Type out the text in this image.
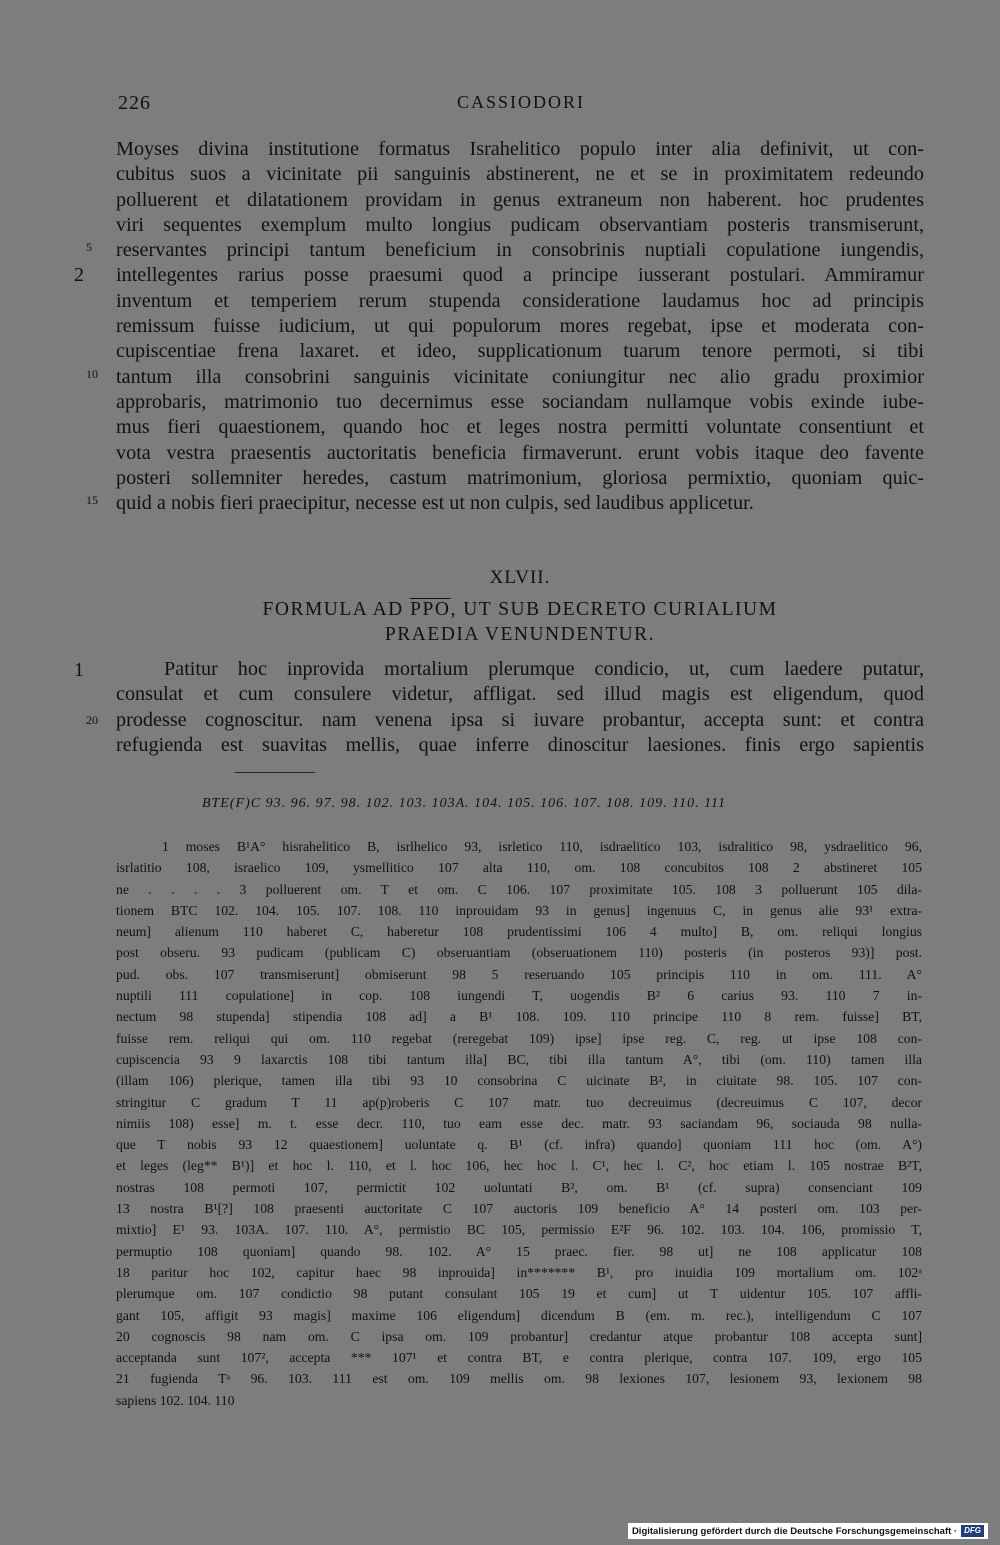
226	CASSIODORI
5
2
10
15
1
20
Moyses divina institutione formatus Israhelitico populo inter alia definivit, ut con-
cubitus suos a vicinitate pii sanguinis abstinerent, ne et se in proximitatem redeundo
polluerent et dilatationem providam in genus extraneum non haberent. hoc prudentes
viri sequentes exemplum multo longius pudicam observantiam posteris transmiserunt,
reservantes principi tantum beneficium in consobrinis nuptiali copulatione iungendis,
intellegentes rarius posse praesumi quod a principe iusserant postulari. Ammiramur
inventum et temperiem rerum stupenda consideratione laudamus hoc ad principis
remissum fuisse iudicium, ut qui populorum mores regebat, ipse et moderata con-
cupiscentiae frena laxaret. et ideo, supplicationum tuarum tenore permoti, si tibi
tantum illa consobrini sanguinis vicinitate coniungitur nec alio gradu proximior
approbaris, matrimonio tuo decernimus esse sociandam nullamque vobis exinde iube-
mus fieri quaestionem, quando hoc et leges nostra permitti voluntate consentiunt et
vota vestra praesentis auctoritatis beneficia firmaverunt. erunt vobis itaque deo favente
posteri sollemniter heredes, castum matrimonium, gloriosa permixtio, quoniam quic-
quid a nobis fieri praecipitur, necesse est ut non culpis, sed laudibus applicetur.
XLVII.
FORMULA AD $\overline{PPO}$, UT SUB DECRETO CURIALIUM
PRAEDIA VENUNDENTUR.
Patitur hoc inprovida mortalium plerumque condicio, ut, cum laedere putatur,
consulat et cum consulere videtur, affligat. sed illud magis est eligendum, quod
prodesse cognoscitur. nam venena ipsa si iuvare probantur, accepta sunt: et contra
refugienda est suavitas mellis, quae inferre dinoscitur laesiones. finis ergo sapientis
BTE(F)C 93. 96. 97. 98. 102. 103. 103A. 104. 105. 106. 107. 108. 109. 110. 111
1 moses B¹A° hisrahelitico B, isrlhelico 93, isrletico 110, isdraelitico 103, isdralitico 98, ysdraelitico 96,
isrlatitio 108, israelico 109, ysmellitico 107 alta 110, om. 108 concubitos 108 2 abstineret 105
ne . . . . 3 polluerent om. T et om. C 106. 107 proximitate 105. 108 3 polluerunt 105 dila-
tionem BTC 102. 104. 105. 107. 108. 110 inprouidam 93 in genus] ingenuus C, in genus alie 93¹ extra-
neum] alienum 110 haberet C, haberetur 108 prudentissimi 106 4 multo] B, om. reliqui longius
post obseru. 93 pudicam (publicam C) obseruantiam (obseruationem 110) posteris (in posteros 93)] post.
pud. obs. 107 transmiserunt] obmiserunt 98 5 reseruando 105 principis 110 in om. 111. A°
nuptili 111 copulatione] in cop. 108 iungendi T, uogendis B² 6 carius 93. 110 7 in-
nectum 98 stupenda] stipendia 108 ad] a B¹ 108. 109. 110 principe 110 8 rem. fuisse] BT,
fuisse rem. reliqui qui om. 110 regebat (reregebat 109) ipse] ipse reg. C, reg. ut ipse 108 con-
cupiscencia 93 9 laxarctis 108 tibi tantum illa] BC, tibi illa tantum A°, tibi (om. 110) tamen illa
(illam 106) plerique, tamen illa tibi 93 10 consobrina C uicinate B², in ciuitate 98. 105. 107 con-
stringitur C gradum T 11 ap(p)roberis C 107 matr. tuo decreuimus (decreuimus C 107, decor
nimiis 108) esse] m. t. esse decr. 110, tuo eam esse dec. matr. 93 saciandam 96, sociauda 98 nulla-
que T nobis 93 12 quaestionem] uoluntate q. B¹ (cf. infra) quando] quoniam 111 hoc (om. A°)
et leges (leg** B¹)] et hoc l. 110, et l. hoc 106, hec hoc l. C¹, hec l. C², hoc etiam l. 105 nostrae B²T,
nostras 108 permoti 107, permictit 102 uoluntati B², om. B¹ (cf. supra) consenciant 109
13 nostra B¹[?] 108 praesenti auctoritate C 107 auctoris 109 beneficio A° 14 posteri om. 103 per-
mixtio] E¹ 93. 103A. 107. 110. A°, permistio BC 105, permissio E²F 96. 102. 103. 104. 106, promissio T,
permuptio 108 quoniam] quando 98. 102. A° 15 praec. fier. 98 ut] ne 108 applicatur 108
18 paritur hoc 102, capitur haec 98 inprouida] in******* B¹, pro inuidia 109 mortalium om. 102ᵃ
plerumque om. 107 condictio 98 putant consulant 105 19 et cum] ut T uidentur 105. 107 affli-
gant 105, affigit 93 magis] maxime 106 eligendum] dicendum B (em. m. rec.), intelligendum C 107
20 cognoscis 98 nam om. C ipsa om. 109 probantur] credantur atque probantur 108 accepta sunt]
acceptanda sunt 107², accepta *** 107¹ et contra BT, e contra plerique, contra 107. 109, ergo 105
21 fugienda Tᵃ 96. 103. 111 est om. 109 mellis om. 98 lexiones 107, lesionem 93, lexionem 98
sapiens 102. 104. 110
Digitalisierung gefördert durch die Deutsche Forschungsgemeinschaft · DFG
